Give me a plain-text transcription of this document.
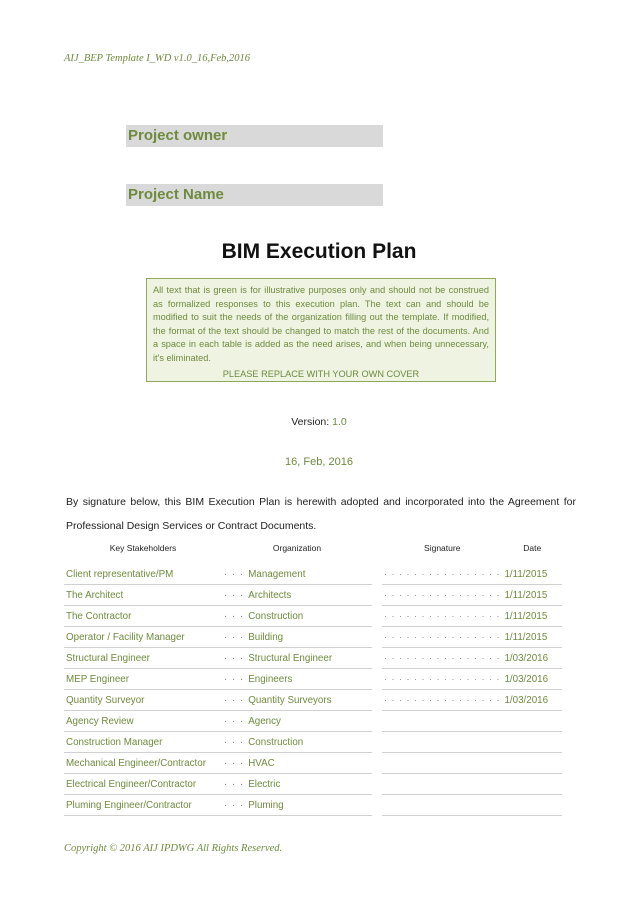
AIJ_BEP Template I_WD v1.0_16,Feb,2016
Project owner
Project Name
BIM Execution Plan
All text that is green is for illustrative purposes only and should not be construed as formalized responses to this execution plan. The text can and should be modified to suit the needs of the organization filling out the template. If modified, the format of the text should be changed to match the rest of the documents. And a space in each table is added as the need arises, and when being unnecessary, it's eliminated.
PLEASE REPLACE WITH YOUR OWN COVER
Version: 1.0
16, Feb, 2016
By signature below, this BIM Execution Plan is herewith adopted and incorporated into the Agreement for Professional Design Services or Contract Documents.
Key Stakeholders	Organization		Signature	Date
Client representative/PM	· · · Management		· · · · · · · · · · · · · · · ·	1/11/2015
The Architect	· · · Architects		· · · · · · · · · · · · · · · ·	1/11/2015
The Contractor	· · · Construction		· · · · · · · · · · · · · · · ·	1/11/2015
Operator / Facility Manager	· · · Building		· · · · · · · · · · · · · · · ·	1/11/2015
Structural Engineer	· · · Structural Engineer		· · · · · · · · · · · · · · · ·	1/03/2016
MEP Engineer	· · · Engineers		· · · · · · · · · · · · · · · ·	1/03/2016
Quantity Surveyor	· · · Quantity Surveyors		· · · · · · · · · · · · · · · ·	1/03/2016
Agency Review	· · · Agency			
Construction Manager	· · · Construction			
Mechanical Engineer/Contractor	· · · HVAC			
Electrical Engineer/Contractor	· · · Electric			
Pluming Engineer/Contractor	· · · Pluming			
Copyright © 2016 AIJ IPDWG All Rights Reserved.
